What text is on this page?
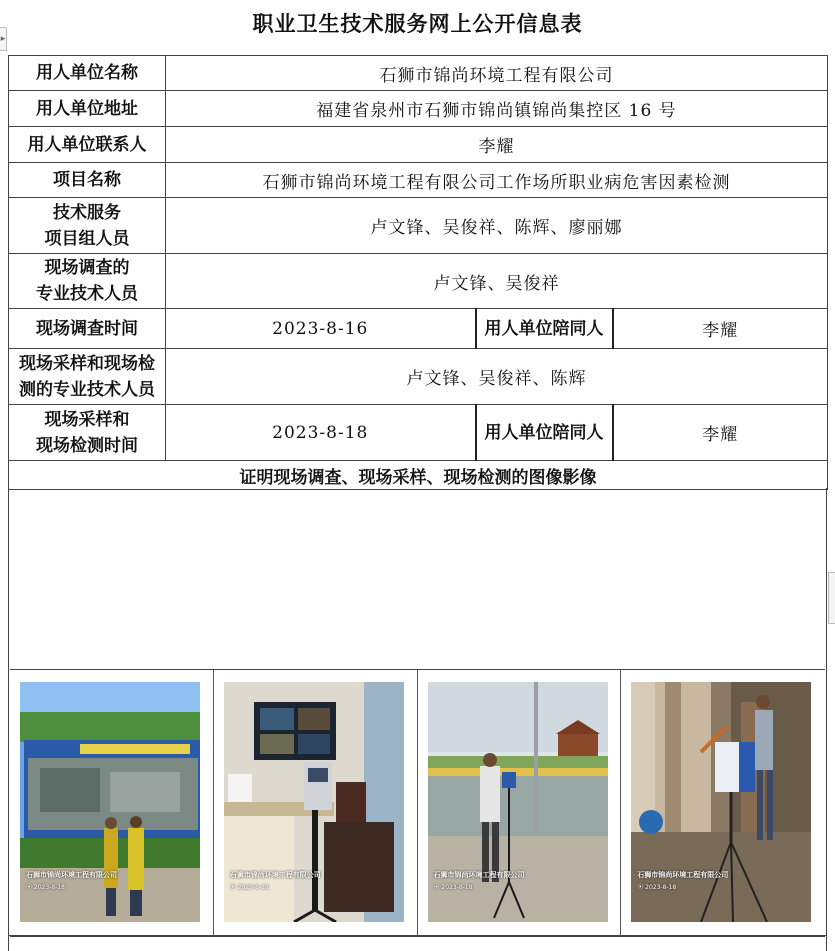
▸
职业卫生技术服务网上公开信息表
用人单位名称	石狮市锦尚环境工程有限公司		
用人单位地址	福建省泉州市石狮市锦尚镇锦尚集控区 16 号		
用人单位联系人	李耀		
项目名称	石狮市锦尚环境工程有限公司工作场所职业病危害因素检测		

技术服务
项目组人员	卢文锋、吴俊祥、陈辉、廖丽娜		

现场调查的
专业技术人员	卢文锋、吴俊祥		
现场调查时间	2023-8-16	用人单位陪同人	李耀

现场采样和现场检
测的专业技术人员	卢文锋、吴俊祥、陈辉		

现场采样和
现场检测时间	2023-8-18	用人单位陪同人	李耀
证明现场调查、现场采样、现场检测的图像影像			
石狮市锦尚环境工程有限公司
⦿ 2023-8-18
石狮市锦尚环境工程有限公司
⦿ 2023-8-18
石狮市锦尚环境工程有限公司
⦿ 2023-8-18
石狮市锦尚环境工程有限公司
⦿ 2023-8-18
